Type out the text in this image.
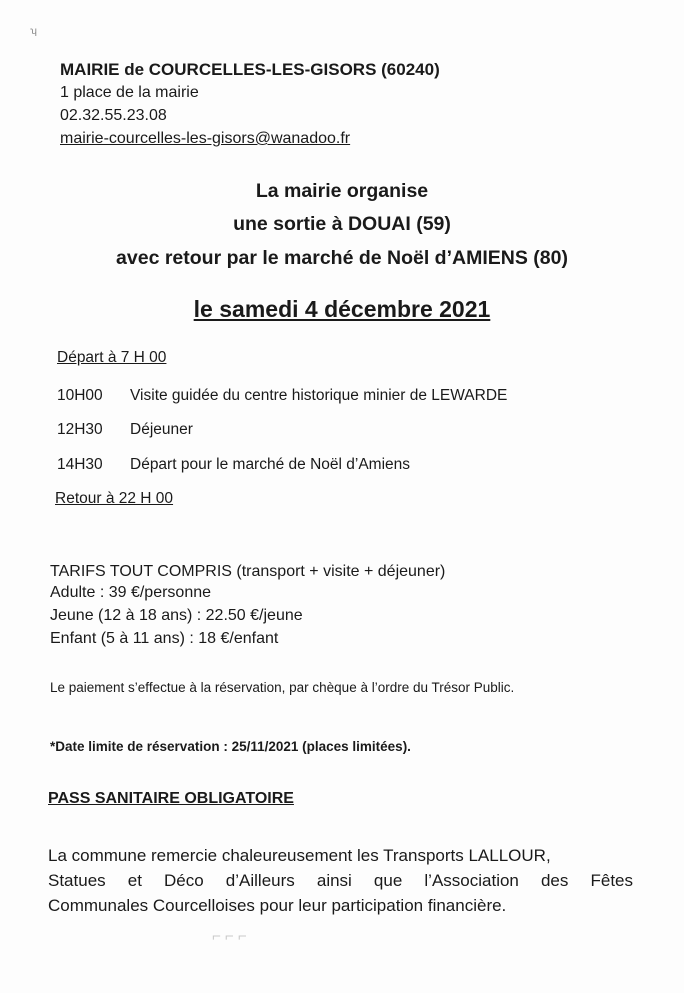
ʮ
MAIRIE de COURCELLES-LES-GISORS (60240)
1 place de la mairie
02.32.55.23.08
mairie-courcelles-les-gisors@wanadoo.fr
La mairie organise
une sortie à DOUAI (59)
avec retour par le marché de Noël d’AMIENS (80)
le samedi 4 décembre 2021
Départ à 7 H 00
10H00 Visite guidée du centre historique minier de LEWARDE
12H30 Déjeuner
14H30 Départ pour le marché de Noël d’Amiens
Retour à 22 H 00
TARIFS TOUT COMPRIS (transport + visite + déjeuner)
Adulte : 39 €/personne
Jeune (12 à 18 ans) : 22.50 €/jeune
Enfant (5 à 11 ans) : 18 €/enfant
Le paiement s’effectue à la réservation, par chèque à l’ordre du Trésor Public.
*Date limite de réservation : 25/11/2021 (places limitées).
PASS SANITAIRE OBLIGATOIRE
La commune remercie chaleureusement les Transports LALLOUR,
Statues et Déco d’Ailleurs ainsi que l’Association des Fêtes
Communales Courcelloises pour leur participation financière.
⌐ ⌐ ⌐
